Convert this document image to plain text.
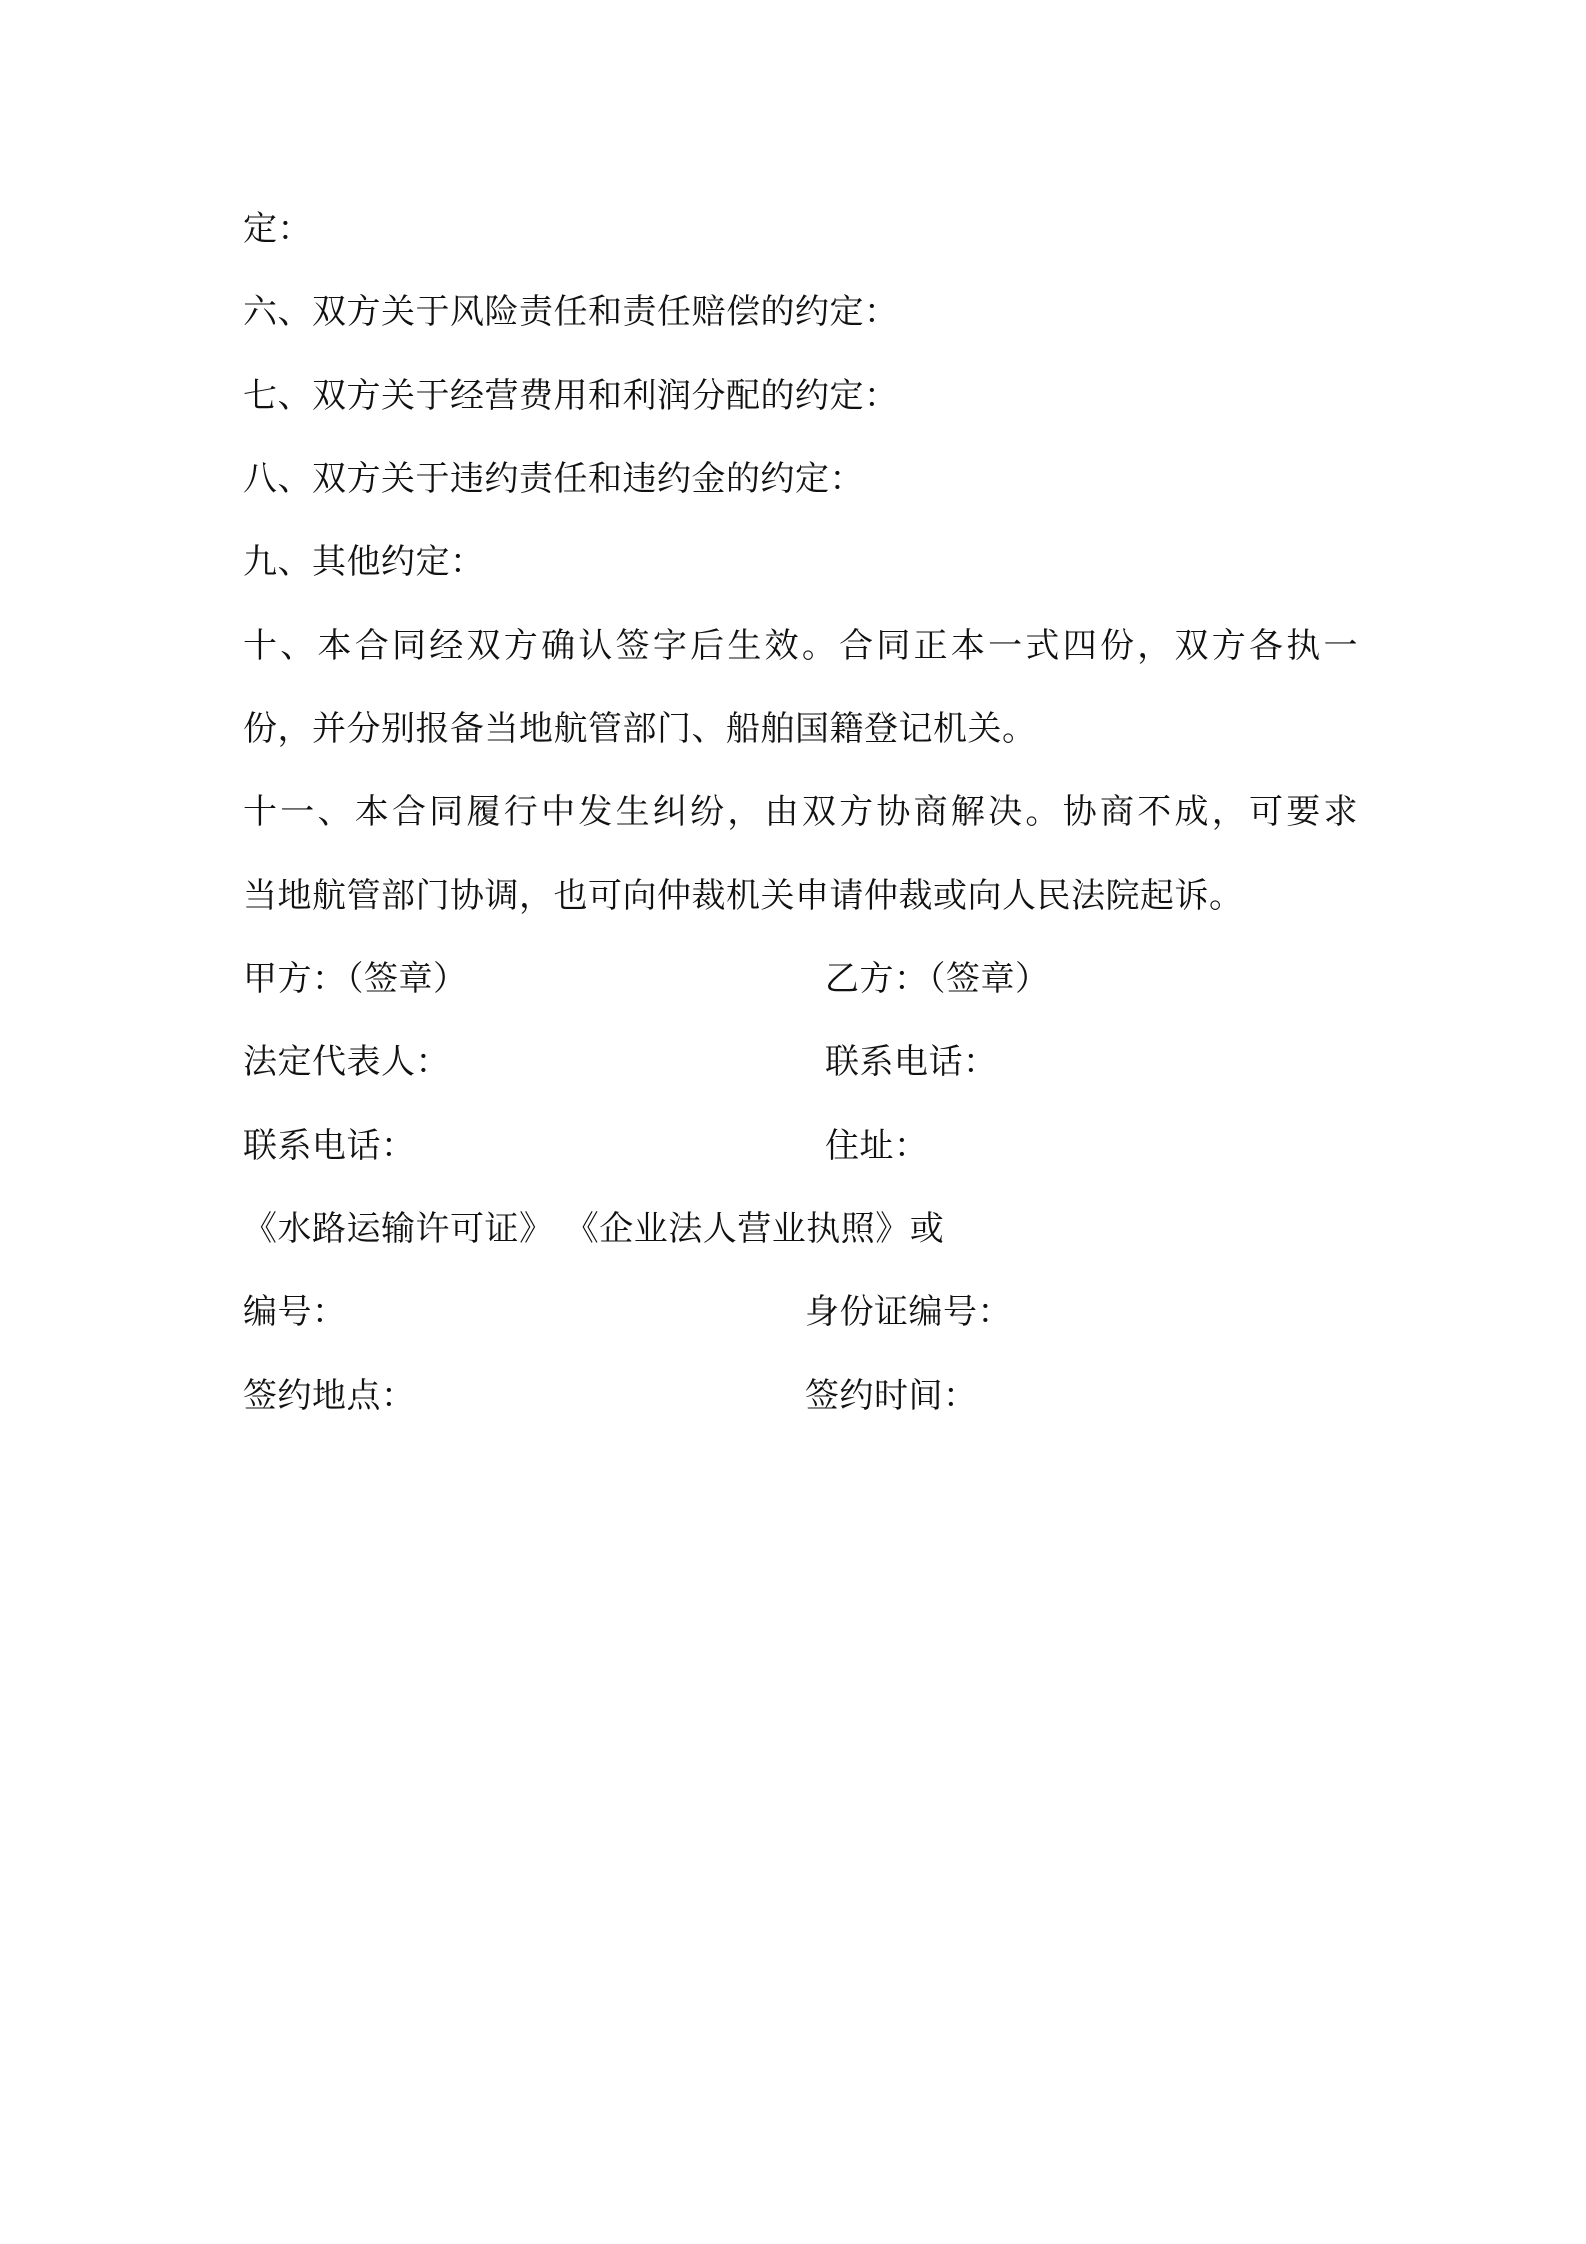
定：
六、双方关于风险责任和责任赔偿的约定：
七、双方关于经营费用和利润分配的约定：
八、双方关于违约责任和违约金的约定：
九、其他约定：
十、本合同经双方确认签字后生效。合同正本一式四份，双方各执一
份，并分别报备当地航管部门、船舶国籍登记机关。
十一、本合同履行中发生纠纷，由双方协商解决。协商不成，可要求
当地航管部门协调，也可向仲裁机关申请仲裁或向人民法院起诉。
甲方：（签章）	乙方：（签章）
法定代表人：	联系电话：
联系电话：	住址：
《水路运输许可证》 《企业法人营业执照》或
编号：	身份证编号：
签约地点：	签约时间：
